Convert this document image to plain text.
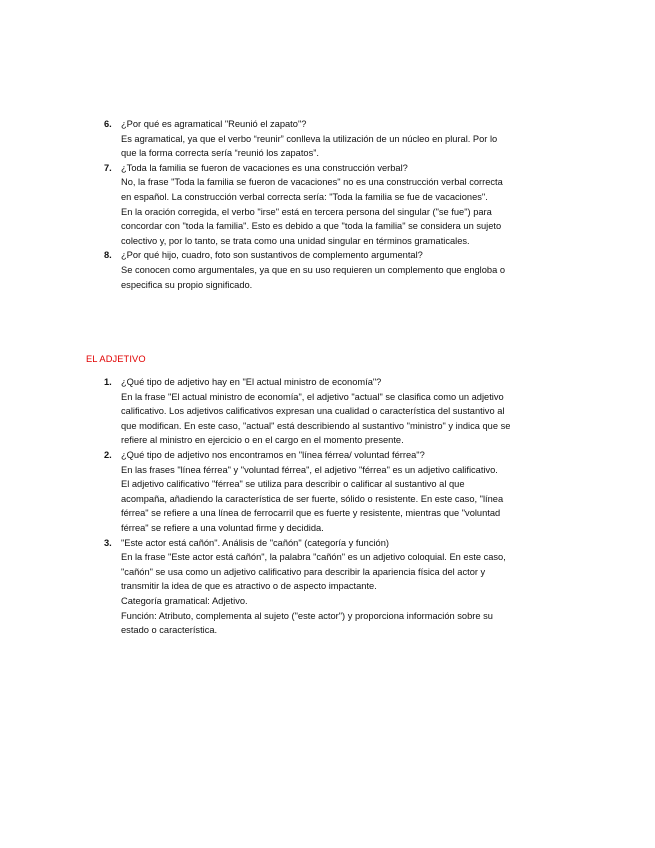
6. ¿Por qué es agramatical "Reunió el zapato"?

Es agramatical, ya que el verbo “reunir” conlleva la utilización de un núcleo en plural. Por lo que la forma correcta sería “reunió los zapatos”.

7. ¿Toda la familia se fueron de vacaciones es una construcción verbal?

No, la frase "Toda la familia se fueron de vacaciones" no es una construcción verbal correcta en español. La construcción verbal correcta sería: "Toda la familia se fue de vacaciones".

En la oración corregida, el verbo "irse" está en tercera persona del singular ("se fue") para concordar con "toda la familia". Esto es debido a que "toda la familia" se considera un sujeto colectivo y, por lo tanto, se trata como una unidad singular en términos gramaticales.

8. ¿Por qué hijo, cuadro, foto son sustantivos de complemento argumental?

Se conocen como argumentales, ya que en su uso requieren un complemento que engloba o especifica su propio significado.

EL ADJETIVO
1. ¿Qué tipo de adjetivo hay en "El actual ministro de economía"?

En la frase "El actual ministro de economía", el adjetivo "actual" se clasifica como un adjetivo calificativo. Los adjetivos calificativos expresan una cualidad o característica del sustantivo al que modifican. En este caso, "actual" está describiendo al sustantivo "ministro" y indica que se refiere al ministro en ejercicio o en el cargo en el momento presente.

2. ¿Qué tipo de adjetivo nos encontramos en "línea férrea/ voluntad férrea"?

En las frases "línea férrea" y "voluntad férrea", el adjetivo "férrea" es un adjetivo calificativo.

El adjetivo calificativo "férrea" se utiliza para describir o calificar al sustantivo al que acompaña, añadiendo la característica de ser fuerte, sólido o resistente. En este caso, "línea férrea" se refiere a una línea de ferrocarril que es fuerte y resistente, mientras que "voluntad férrea" se refiere a una voluntad firme y decidida.

3. "Este actor está cañón". Análisis de "cañón" (categoría y función)

En la frase "Este actor está cañón", la palabra "cañón" es un adjetivo coloquial. En este caso, "cañón" se usa como un adjetivo calificativo para describir la apariencia física del actor y transmitir la idea de que es atractivo o de aspecto impactante.

Categoría gramatical: Adjetivo.

Función: Atributo, complementa al sujeto ("este actor") y proporciona información sobre su estado o característica.
